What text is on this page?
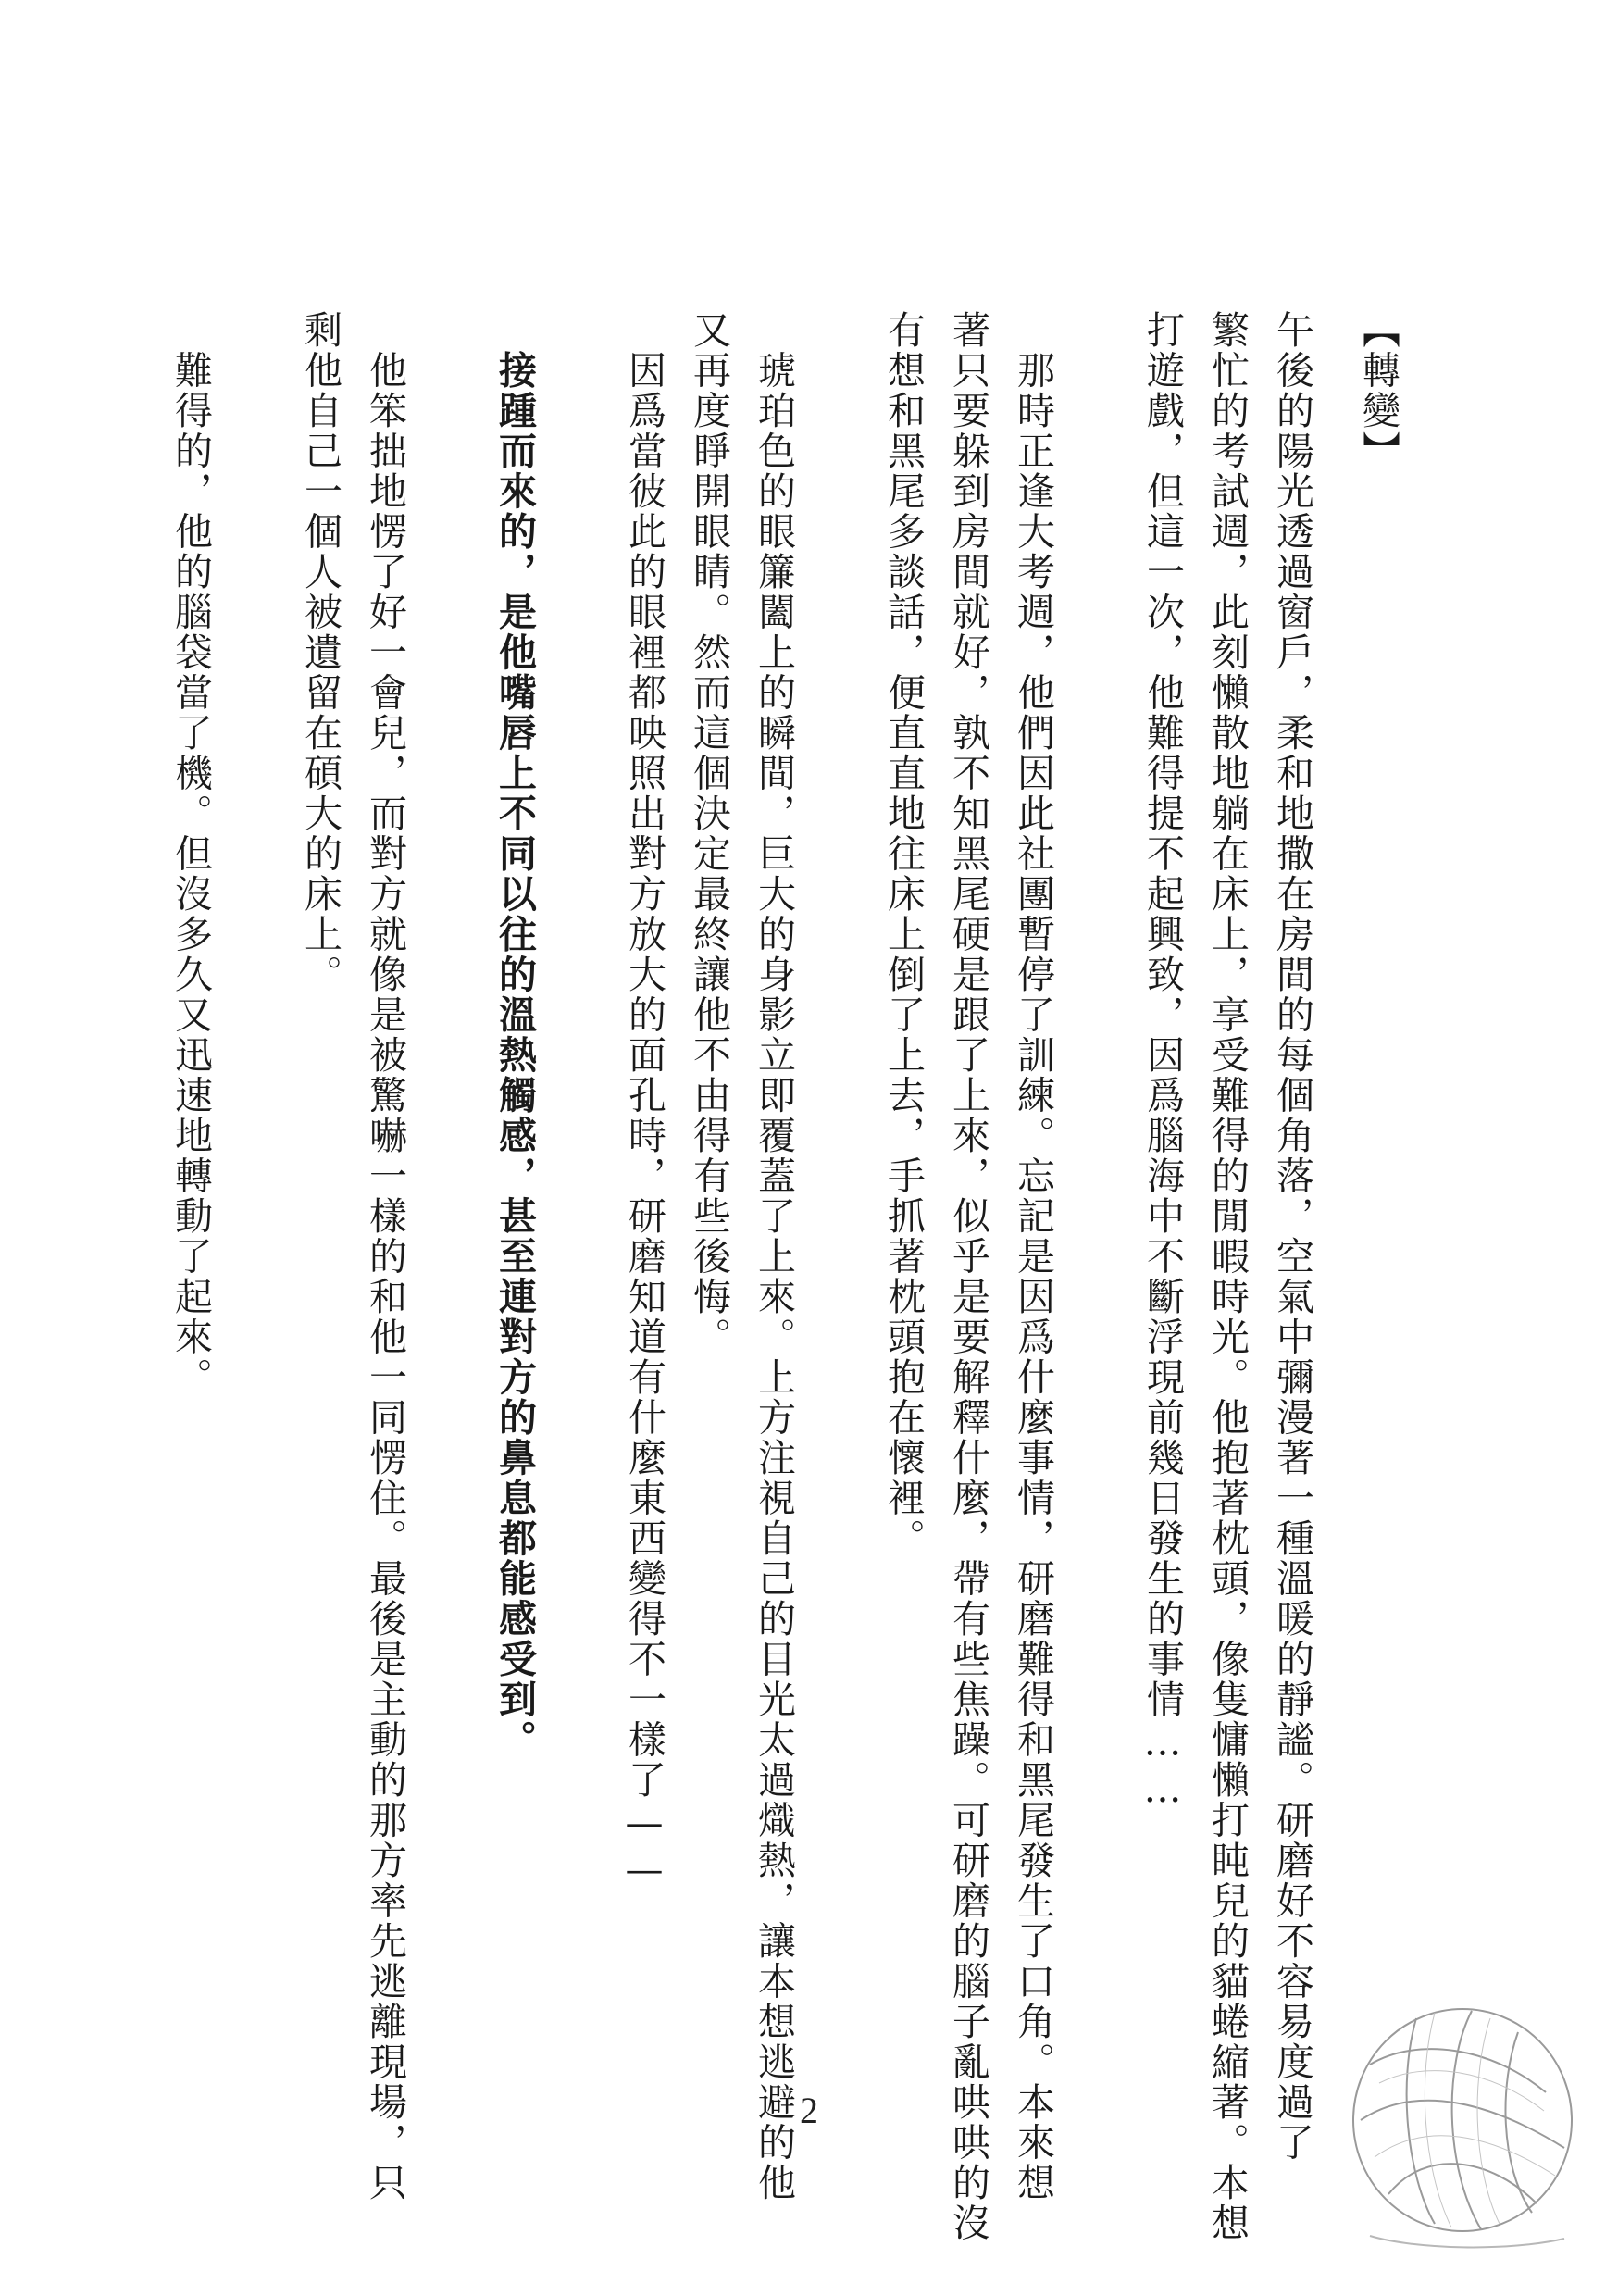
【轉變】
午後的陽光透過窗戶，柔和地撒在房間的每個角落，空氣中彌漫著一種溫暖的靜謐。研磨好不容易度過了
繁忙的考試週，此刻懶散地躺在床上，享受難得的閒暇時光。他抱著枕頭，像隻慵懶打盹兒的貓蜷縮著。本想
打遊戲，但這一次，他難得提不起興致，因爲腦海中不斷浮現前幾日發生的事情……
　那時正逢大考週，他們因此社團暫停了訓練。忘記是因爲什麼事情，研磨難得和黑尾發生了口角。本來想
著只要躲到房間就好，孰不知黑尾硬是跟了上來，似乎是要解釋什麼，帶有些焦躁。可研磨的腦子亂哄哄的沒
有想和黑尾多談話，便直直地往床上倒了上去，手抓著枕頭抱在懷裡。
　琥珀色的眼簾闔上的瞬間，巨大的身影立即覆蓋了上來。上方注視自己的目光太過熾熱，讓本想逃避的他
又再度睜開眼睛。然而這個決定最終讓他不由得有些後悔。
　因爲當彼此的眼裡都映照出對方放大的面孔時，研磨知道有什麼東西變得不一樣了——
　接踵而來的，是他嘴唇上不同以往的溫熱觸感，甚至連對方的鼻息都能感受到。
　他笨拙地愣了好一會兒，而對方就像是被驚嚇一樣的和他一同愣住。最後是主動的那方率先逃離現場，只
剩他自己一個人被遺留在碩大的床上。
　難得的，他的腦袋當了機。但沒多久又迅速地轉動了起來。
2
